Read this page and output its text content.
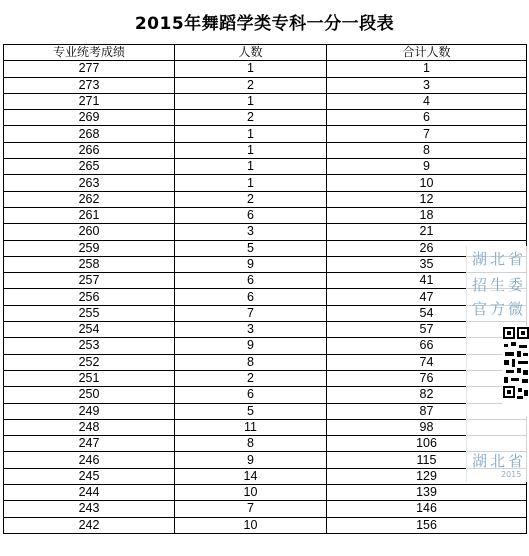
2015年舞蹈学类专科一分一段表
专业统考成绩	人数	合计人数
277	1	1
273	2	3
271	1	4
269	2	6
268	1	7
266	1	8
265	1	9
263	1	10
262	2	12
261	6	18
260	3	21
259	5	26
258	9	35
257	6	41
256	6	47
255	7	54
254	3	57
253	9	66
252	8	74
251	2	76
250	6	82
249	5	87
248	11	98
247	8	106
246	9	115
245	14	129
244	10	139
243	7	146
242	10	156
湖北省
招生委
官方微
湖北省
2015
